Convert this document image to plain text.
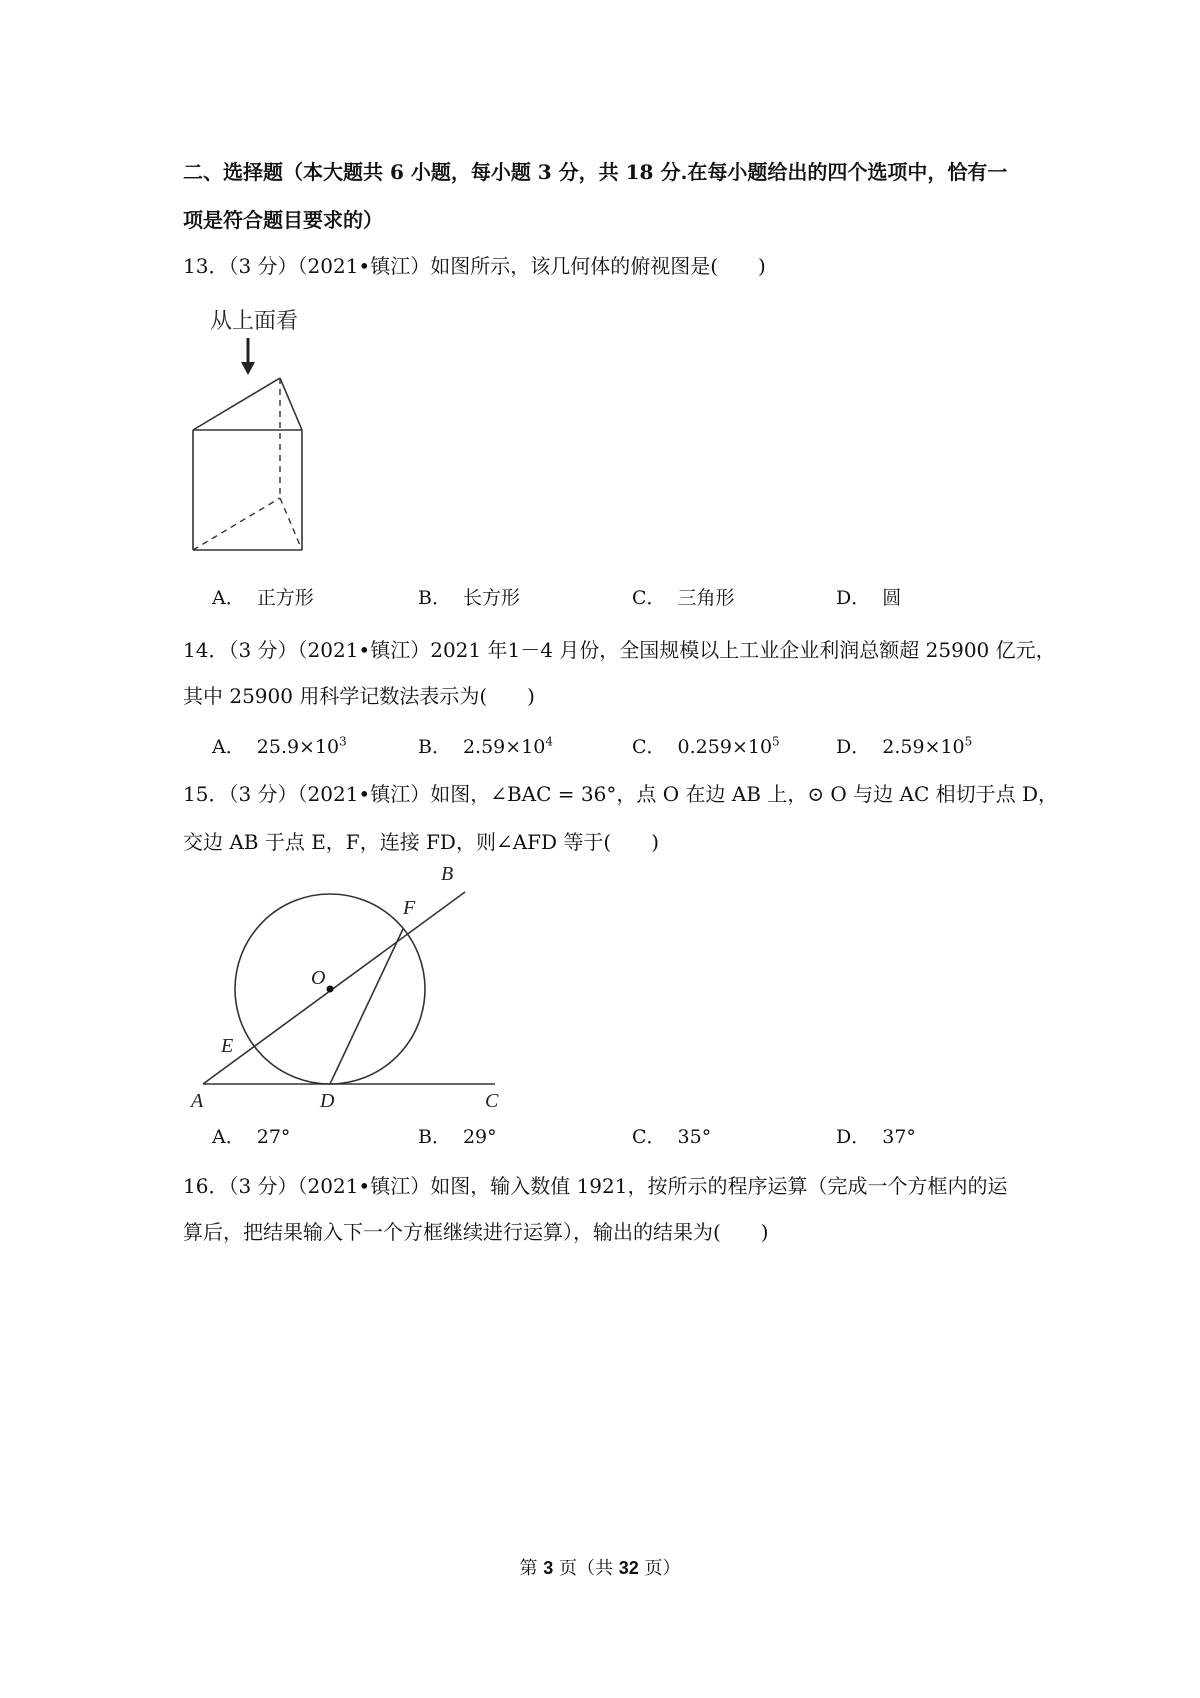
二、选择题（本大题共 6 小题，每小题 3 分，共 18 分.在每小题给出的四个选项中，恰有一

项是符合题目要求的）

13．（3 分）（2021•镇江）如图所示，该几何体的俯视图是(　　)

从上面看
A． 正方形	B． 长方形	C． 三角形	D． 圆

14．（3 分）（2021•镇江）2021 年1－4 月份，全国规模以上工业企业利润总额超 25900 亿元，

其中 25900 用科学记数法表示为(　　)

A． $25.9\times 10^3$	B． $2.59\times 10^4$	C． $0.259\times 10^5$	D． $2.59\times 10^5$

15．（3 分）（2021•镇江）如图，∠BAC = 36°，点 O 在边 AB 上，⊙ O 与边 AC 相切于点 D，

交边 AB 于点 E，F，连接 FD，则∠AFD 等于(　　)

B
F
O
E
A	D	C
A． 27°	B． 29°	C． 35°	D． 37°

16．（3 分）（2021•镇江）如图，输入数值 1921，按所示的程序运算（完成一个方框内的运

算后，把结果输入下一个方框继续进行运算），输出的结果为(　　)

第 3 页（共 32 页）
